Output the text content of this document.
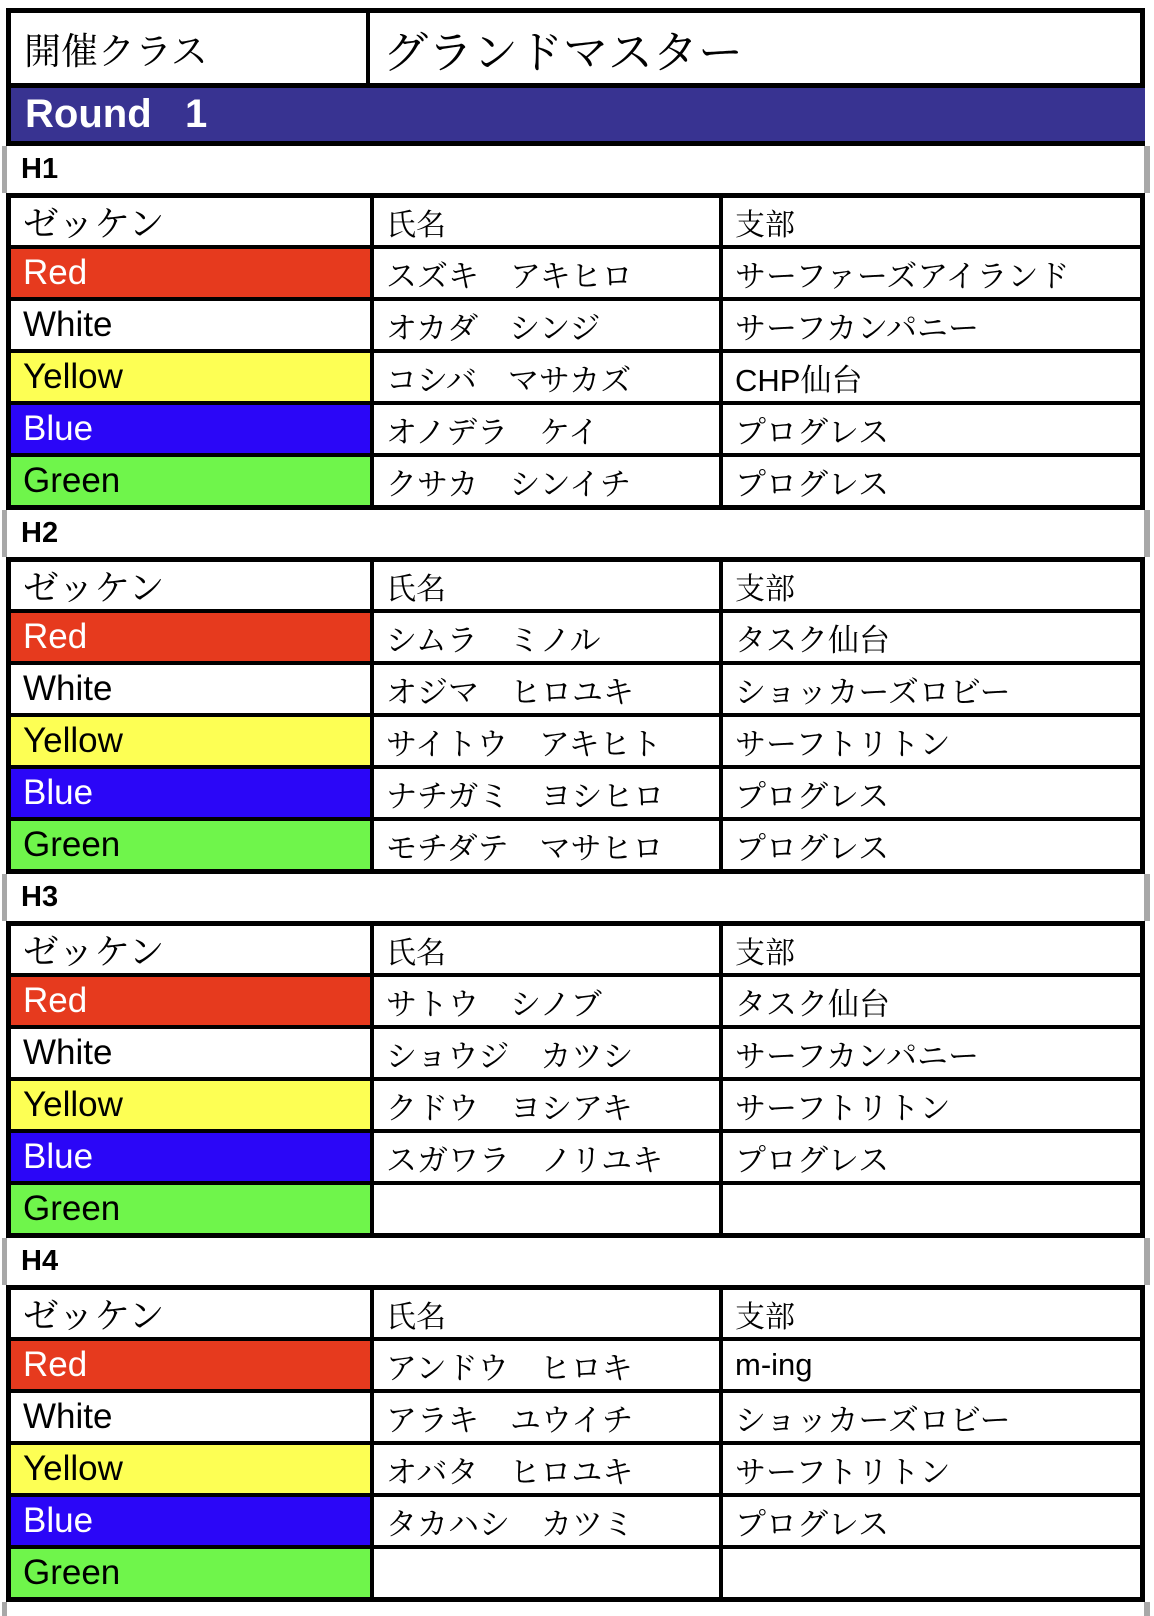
開催クラス	グランドマスター
Round   1
H1
ゼッケン	氏名	支部
Red	スズキ　アキヒロ	サーファーズアイランド
White	オカダ　シンジ	サーフカンパニー
Yellow	コシバ　マサカズ	CHP仙台
Blue	オノデラ　ケイ	プログレス
Green	クサカ　シンイチ	プログレス
H2
ゼッケン	氏名	支部
Red	シムラ　ミノル	タスク仙台
White	オジマ　ヒロユキ	ショッカーズロビー
Yellow	サイトウ　アキヒト	サーフトリトン
Blue	ナチガミ　ヨシヒロ	プログレス
Green	モチダテ　マサヒロ	プログレス
H3
ゼッケン	氏名	支部
Red	サトウ　シノブ	タスク仙台
White	ショウジ　カツシ	サーフカンパニー
Yellow	クドウ　ヨシアキ	サーフトリトン
Blue	スガワラ　ノリユキ	プログレス
Green
H4
ゼッケン	氏名	支部
Red	アンドウ　ヒロキ	m-ing
White	アラキ　ユウイチ	ショッカーズロビー
Yellow	オバタ　ヒロユキ	サーフトリトン
Blue	タカハシ　カツミ	プログレス
Green
